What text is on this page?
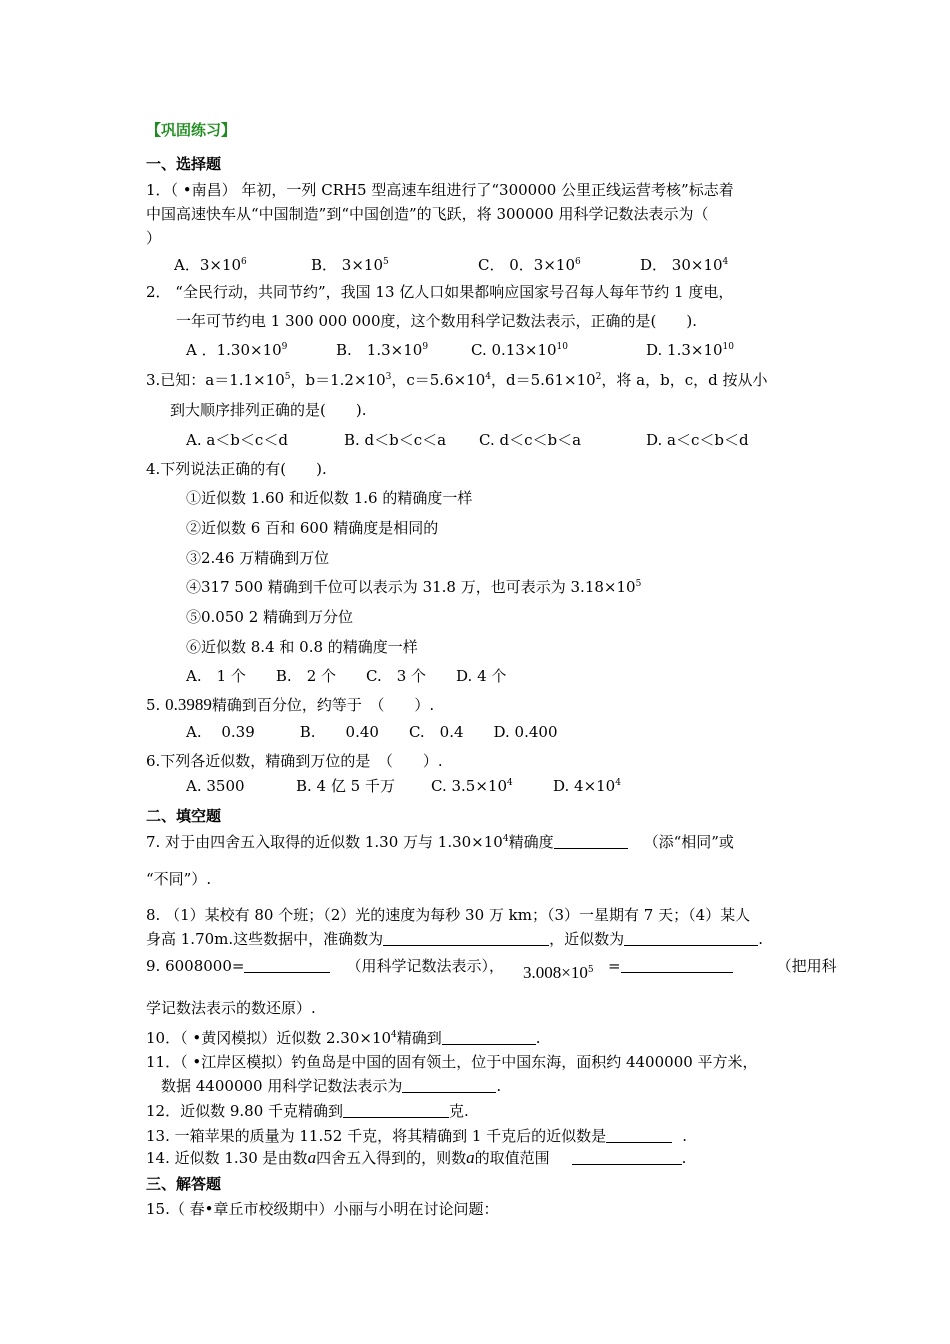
【巩固练习】
一、选择题
1．（ •南昌） 年初，一列 CRH5 型高速车组进行了“300000 公里正线运营考核”标志着
中国高速快车从“中国制造”到“中国创造”的飞跃，将 300000 用科学记数法表示为（
）
A．$3\times 10^6$	B． $3\times 10^5$	C． 0．$3\times 10^6$	D． $30\times 10^4$
2． “全民行动，共同节约”，我国 13 亿人口如果都响应国家号召每人每年节约 1 度电，
一年可节约电 1 300 000 000度，这个数用科学记数法表示，正确的是(　　).
A ．$1.30\times 10^9$	B.　$1.3\times 10^9$	C. $0.13\times 10^{10}$	D. $1.3\times 10^{10}$
3.已知：$a=1.1\times 10^5$，$b=1.2\times 10^3$，$c=5.6\times 10^4$，$d=5.61\times 10^2$，将 a，b，c，d 按从小
到大顺序排列正确的是(　　).
A. a＜b＜c＜d	B. d＜b＜c＜a C. d＜c＜b＜a	D. a＜c＜b＜d
4.下列说法正确的有(　　).
①近似数 1.60 和近似数 1.6 的精确度一样
②近似数 6 百和 600 精确度是相同的
③2.46 万精确到万位
④317 500 精确到千位可以表示为 31.8 万，也可表示为 $3.18\times 10^5$
⑤0.050 2 精确到万分位
⑥近似数 8.4 和 0.8 的精确度一样
A.　1 个　　B.　2 个　　C.　3 个　　D. 4 个
5. 0.3989精确到百分位，约等于　（　　）.
A.　 0.39　　　B.　　0.40　　C.　0.4　　D. 0.400
6.下列各近似数，精确到万位的是　（　　）.
A. 3500	B. 4 亿 5 千万 C. $3.5\times 10^4$	D. $4\times 10^4$
二、填空题
7. 对于由四舍五入取得的近似数 1.30 万与 $1.30\times 10^4$精确度	（添“相同”或
“不同”）.
8. （1）某校有 80 个班；（2）光的速度为每秒 30 万 km；（3）一星期有 7 天；（4）某人
身高 1.70m.这些数据中，准确数为	，近似数为	.
9. 6008000=	（用科学记数法表示）， $3.008\times 10^5$ =	（把用科
学记数法表示的数还原）.
10．（ •黄冈模拟）近似数 $2.30\times 10^4$精确到	.
11．（ •江岸区模拟）钓鱼岛是中国的固有领土，位于中国东海，面积约 4400000 平方米，
数据 4400000 用科学记数法表示为	.
12．近似数 9.80 千克精确到	克.
13. 一箱苹果的质量为 11.52 千克，将其精确到 1 千克后的近似数是	.
14. 近似数 1.30 是由数a四舍五入得到的，则数a的取值范围	.
三、解答题
15.（ 春•章丘市校级期中）小丽与小明在讨论问题：
